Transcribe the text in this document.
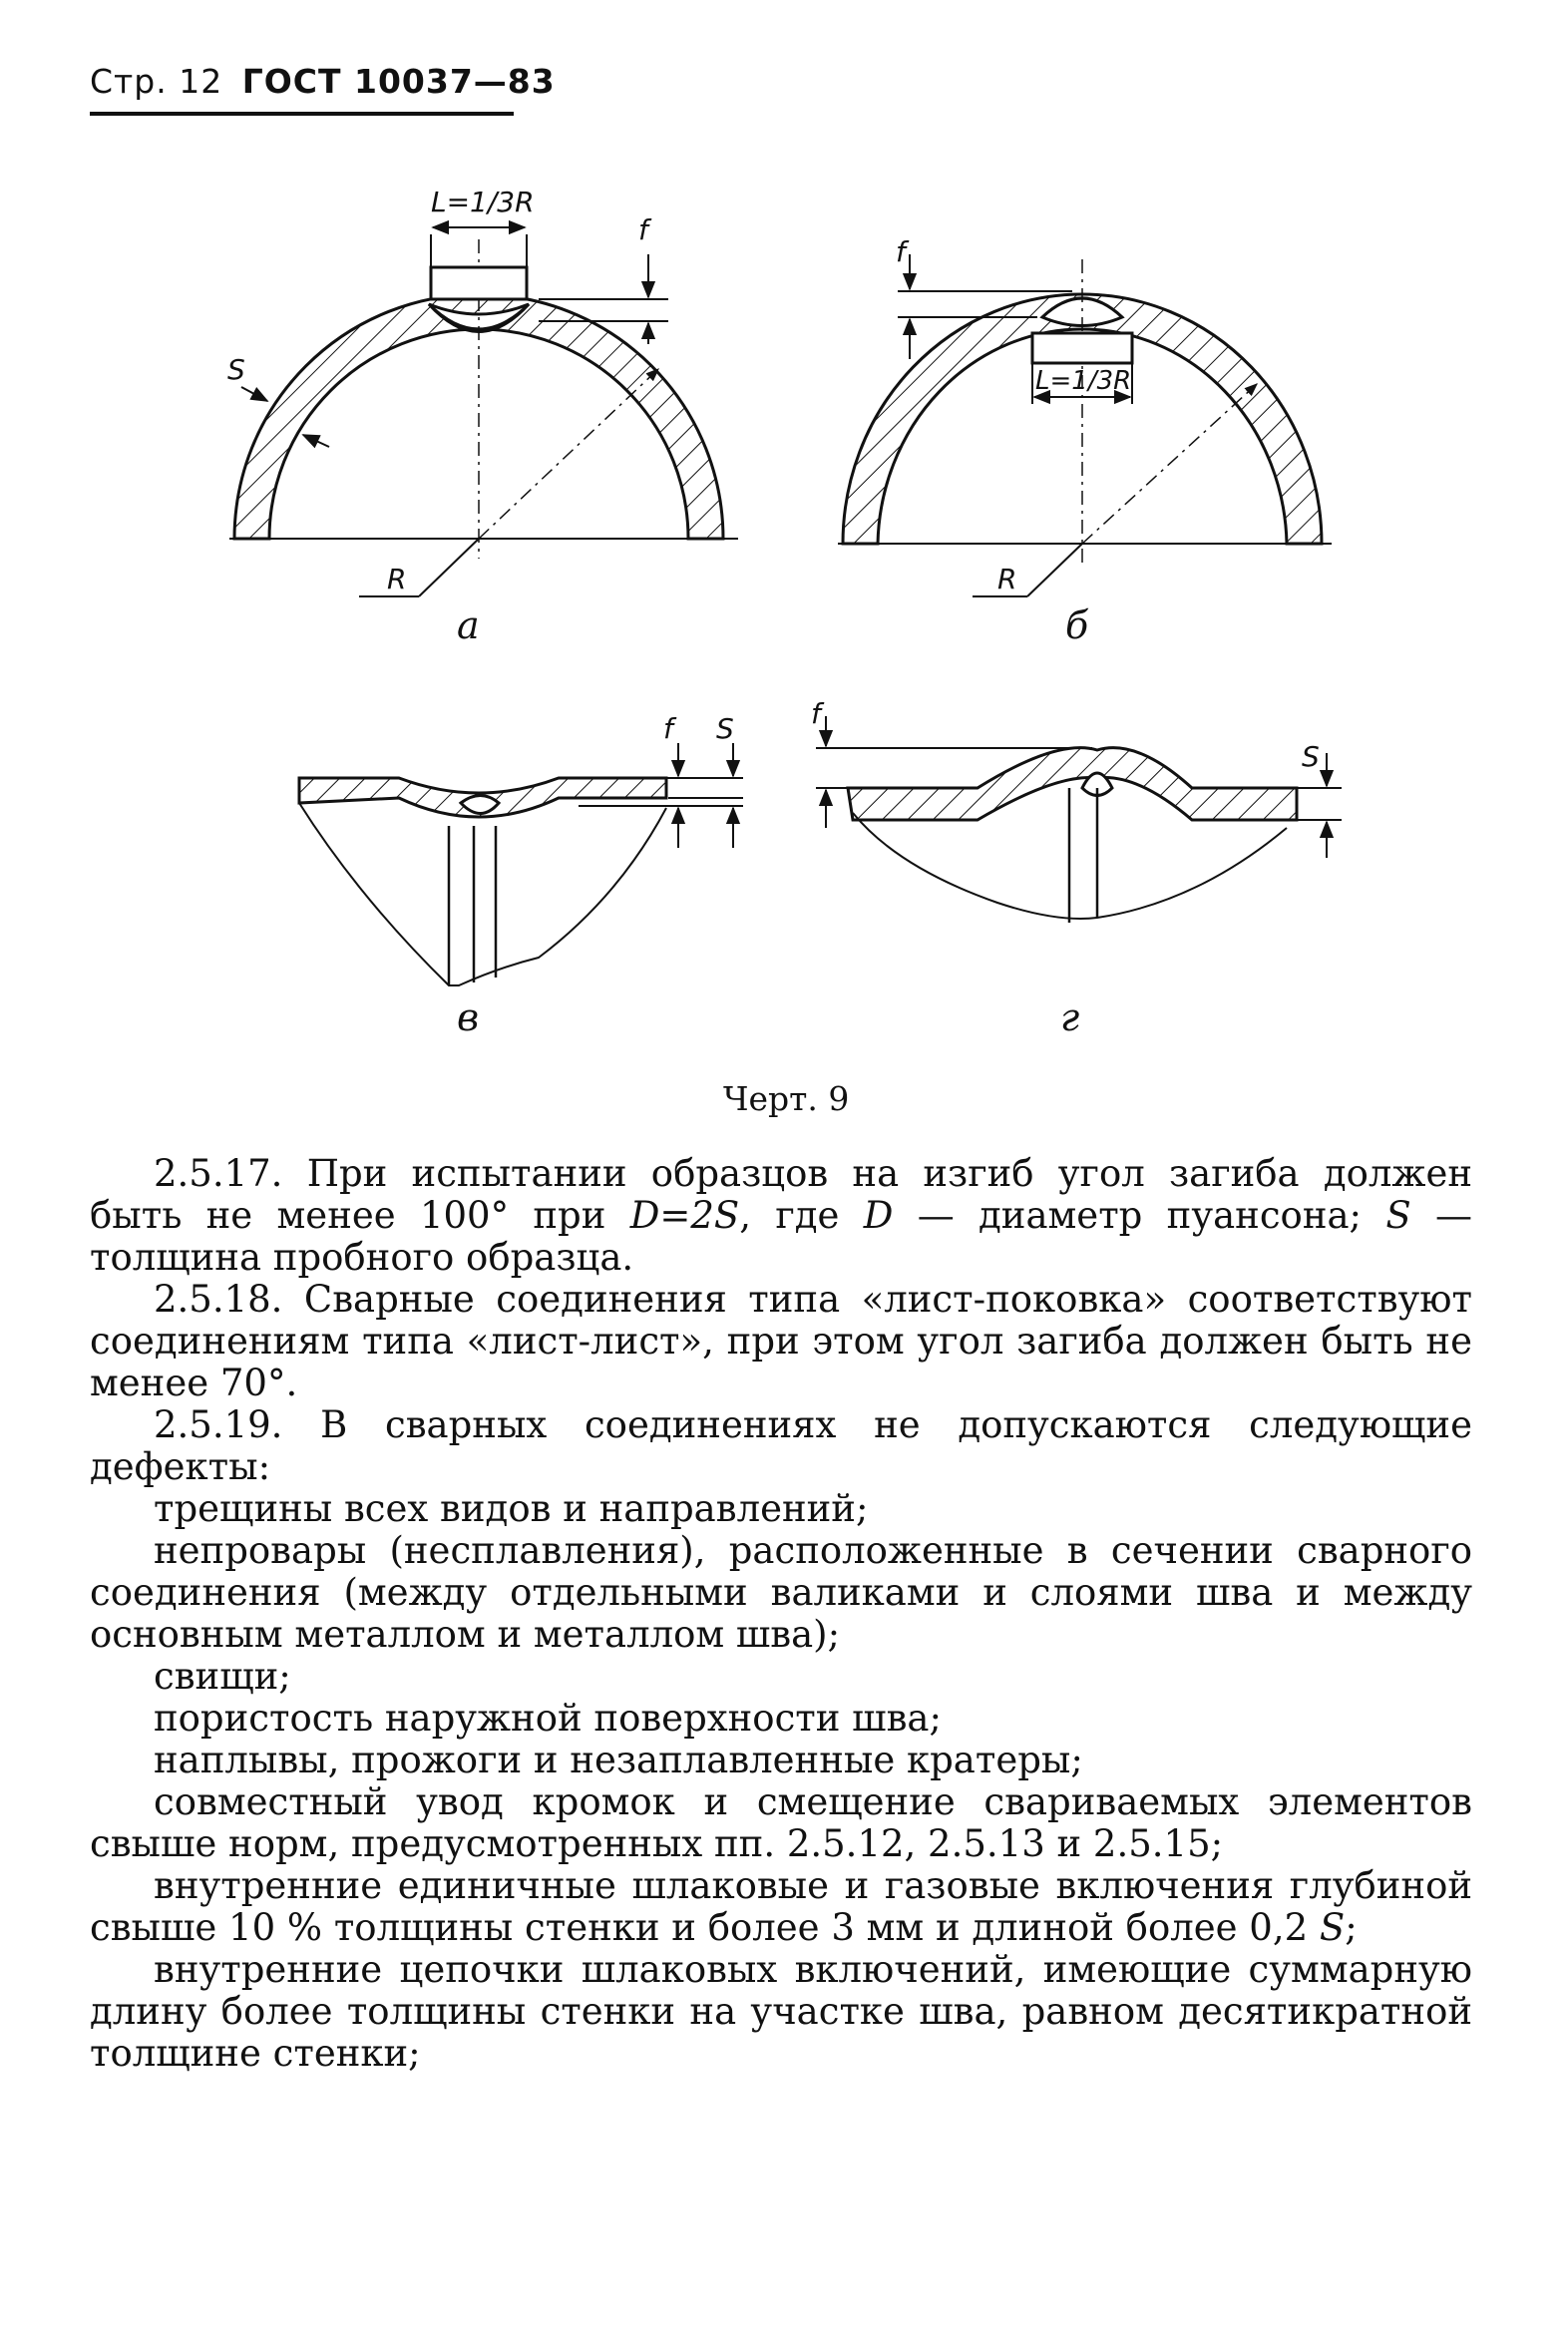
Стр. 12 ГОСТ 10037—83
L=1/3R
f
S
R
а
L=1/3R
f
R
б
f S
в
f
S
г
Черт. 9

2.5.17. При испытании образцов на изгиб угол загиба должен быть не менее 100° при D=2S, где D — диаметр пуансона; S — толщина пробного образца.

2.5.18. Сварные соединения типа «лист-поковка» соответствуют соединениям типа «лист-лист», при этом угол загиба должен быть не менее 70°.

2.5.19. В сварных соединениях не допускаются следующие дефекты:

трещины всех видов и направлений;

непровары (несплавления), расположенные в сечении сварного соединения (между отдельными валиками и слоями шва и между основным металлом и металлом шва);

свищи;

пористость наружной поверхности шва;

наплывы, прожоги и незаплавленные кратеры;

совместный увод кромок и смещение свариваемых элементов свыше норм, предусмотренных пп. 2.5.12, 2.5.13 и 2.5.15;

внутренние единичные шлаковые и газовые включения глубиной свыше 10 % толщины стенки и более 3 мм и длиной более 0,2 S;

внутренние цепочки шлаковых включений, имеющие суммарную длину более толщины стенки на участке шва, равном десятикратной толщине стенки;
